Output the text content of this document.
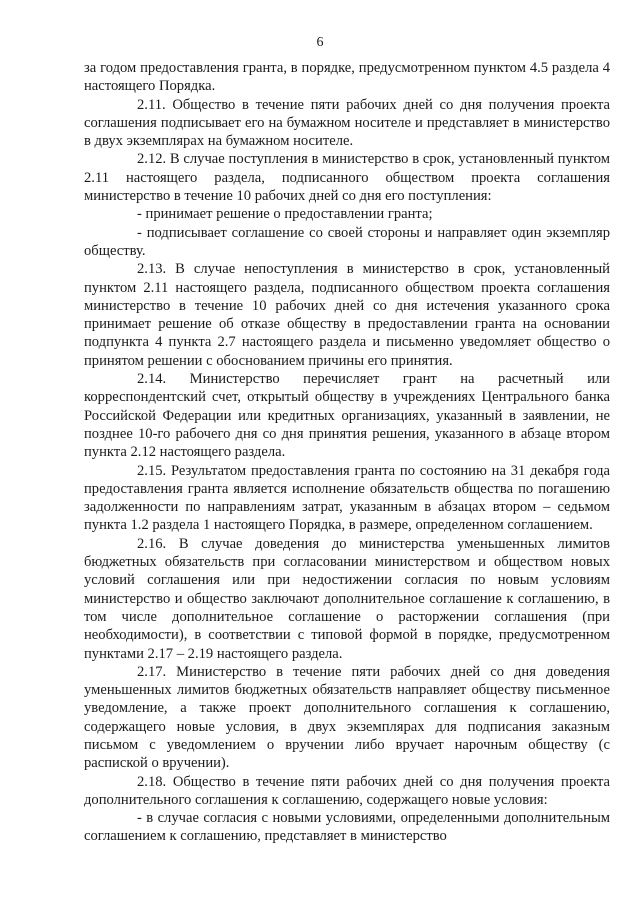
6

за годом предоставления гранта, в порядке, предусмотренном пунктом 4.5 раздела 4 настоящего Порядка.

2.11. Общество в течение пяти рабочих дней со дня получения проекта соглашения подписывает его на бумажном носителе и представляет в министерство в двух экземплярах на бумажном носителе.

2.12. В случае поступления в министерство в срок, установленный пунктом 2.11 настоящего раздела, подписанного обществом проекта соглашения министерство в течение 10 рабочих дней со дня его поступления:

- принимает решение о предоставлении гранта;

- подписывает соглашение со своей стороны и направляет один экземпляр обществу.

2.13. В случае непоступления в министерство в срок, установленный пунктом 2.11 настоящего раздела, подписанного обществом проекта соглашения министерство в течение 10 рабочих дней со дня истечения указанного срока принимает решение об отказе обществу в предоставлении гранта на основании подпункта 4 пункта 2.7 настоящего раздела и письменно уведомляет общество о принятом решении с обоснованием причины его принятия.

2.14. Министерство перечисляет грант на расчетный или корреспондентский счет, открытый обществу в учреждениях Центрального банка Российской Федерации или кредитных организациях, указанный в заявлении, не позднее 10-го рабочего дня со дня принятия решения, указанного в абзаце втором пункта 2.12 настоящего раздела.

2.15. Результатом предоставления гранта по состоянию на 31 декабря года предоставления гранта является исполнение обязательств общества по погашению задолженности по направлениям затрат, указанным в абзацах втором – седьмом пункта 1.2 раздела 1 настоящего Порядка, в размере, определенном соглашением.

2.16. В случае доведения до министерства уменьшенных лимитов бюджетных обязательств при согласовании министерством и обществом новых условий соглашения или при недостижении согласия по новым условиям министерство и общество заключают дополнительное соглашение к соглашению, в том числе дополнительное соглашение о расторжении соглашения (при необходимости), в соответствии с типовой формой в порядке, предусмотренном пунктами 2.17 – 2.19 настоящего раздела.

2.17. Министерство в течение пяти рабочих дней со дня доведения уменьшенных лимитов бюджетных обязательств направляет обществу письменное уведомление, а также проект дополнительного соглашения к соглашению, содержащего новые условия, в двух экземплярах для подписания заказным письмом с уведомлением о вручении либо вручает нарочным обществу (с распиской о вручении).

2.18. Общество в течение пяти рабочих дней со дня получения проекта дополнительного соглашения к соглашению, содержащего новые условия:

- в случае согласия с новыми условиями, определенными дополнительным соглашением к соглашению, представляет в министерство
